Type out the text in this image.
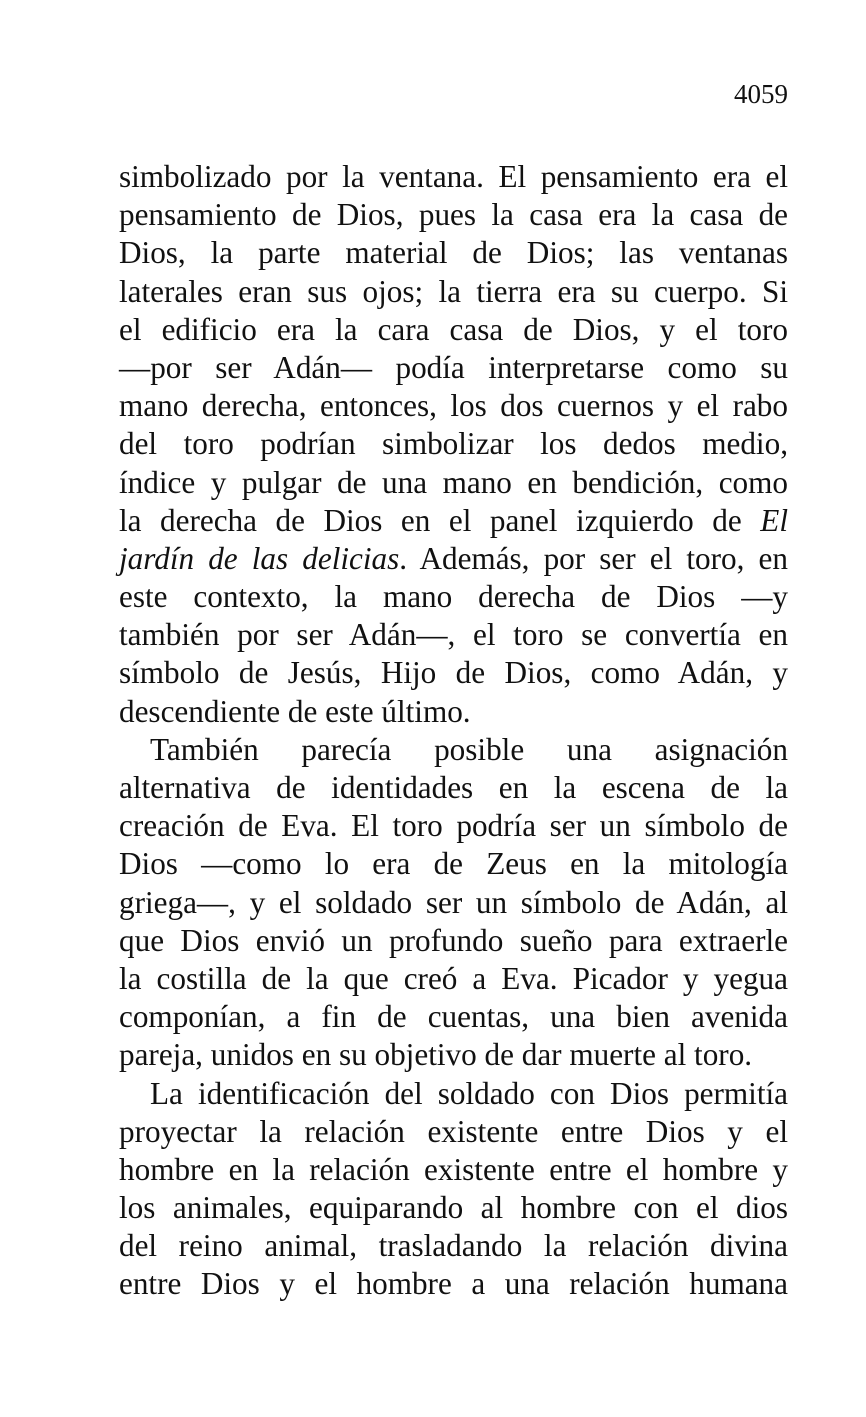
4059
simbolizado por la ventana. El pensamiento era el
pensamiento de Dios, pues la casa era la casa de
Dios, la parte material de Dios; las ventanas
laterales eran sus ojos; la tierra era su cuerpo. Si
el edificio era la cara casa de Dios, y el toro
—por ser Adán— podía interpretarse como su
mano derecha, entonces, los dos cuernos y el rabo
del toro podrían simbolizar los dedos medio,
índice y pulgar de una mano en bendición, como
la derecha de Dios en el panel izquierdo de El
jardín de las delicias. Además, por ser el toro, en
este contexto, la mano derecha de Dios —y
también por ser Adán—, el toro se convertía en
símbolo de Jesús, Hijo de Dios, como Adán, y
descendiente de este último.
También parecía posible una asignación
alternativa de identidades en la escena de la
creación de Eva. El toro podría ser un símbolo de
Dios —como lo era de Zeus en la mitología
griega—, y el soldado ser un símbolo de Adán, al
que Dios envió un profundo sueño para extraerle
la costilla de la que creó a Eva. Picador y yegua
componían, a fin de cuentas, una bien avenida
pareja, unidos en su objetivo de dar muerte al toro.
La identificación del soldado con Dios permitía
proyectar la relación existente entre Dios y el
hombre en la relación existente entre el hombre y
los animales, equiparando al hombre con el dios
del reino animal, trasladando la relación divina
entre Dios y el hombre a una relación humana
